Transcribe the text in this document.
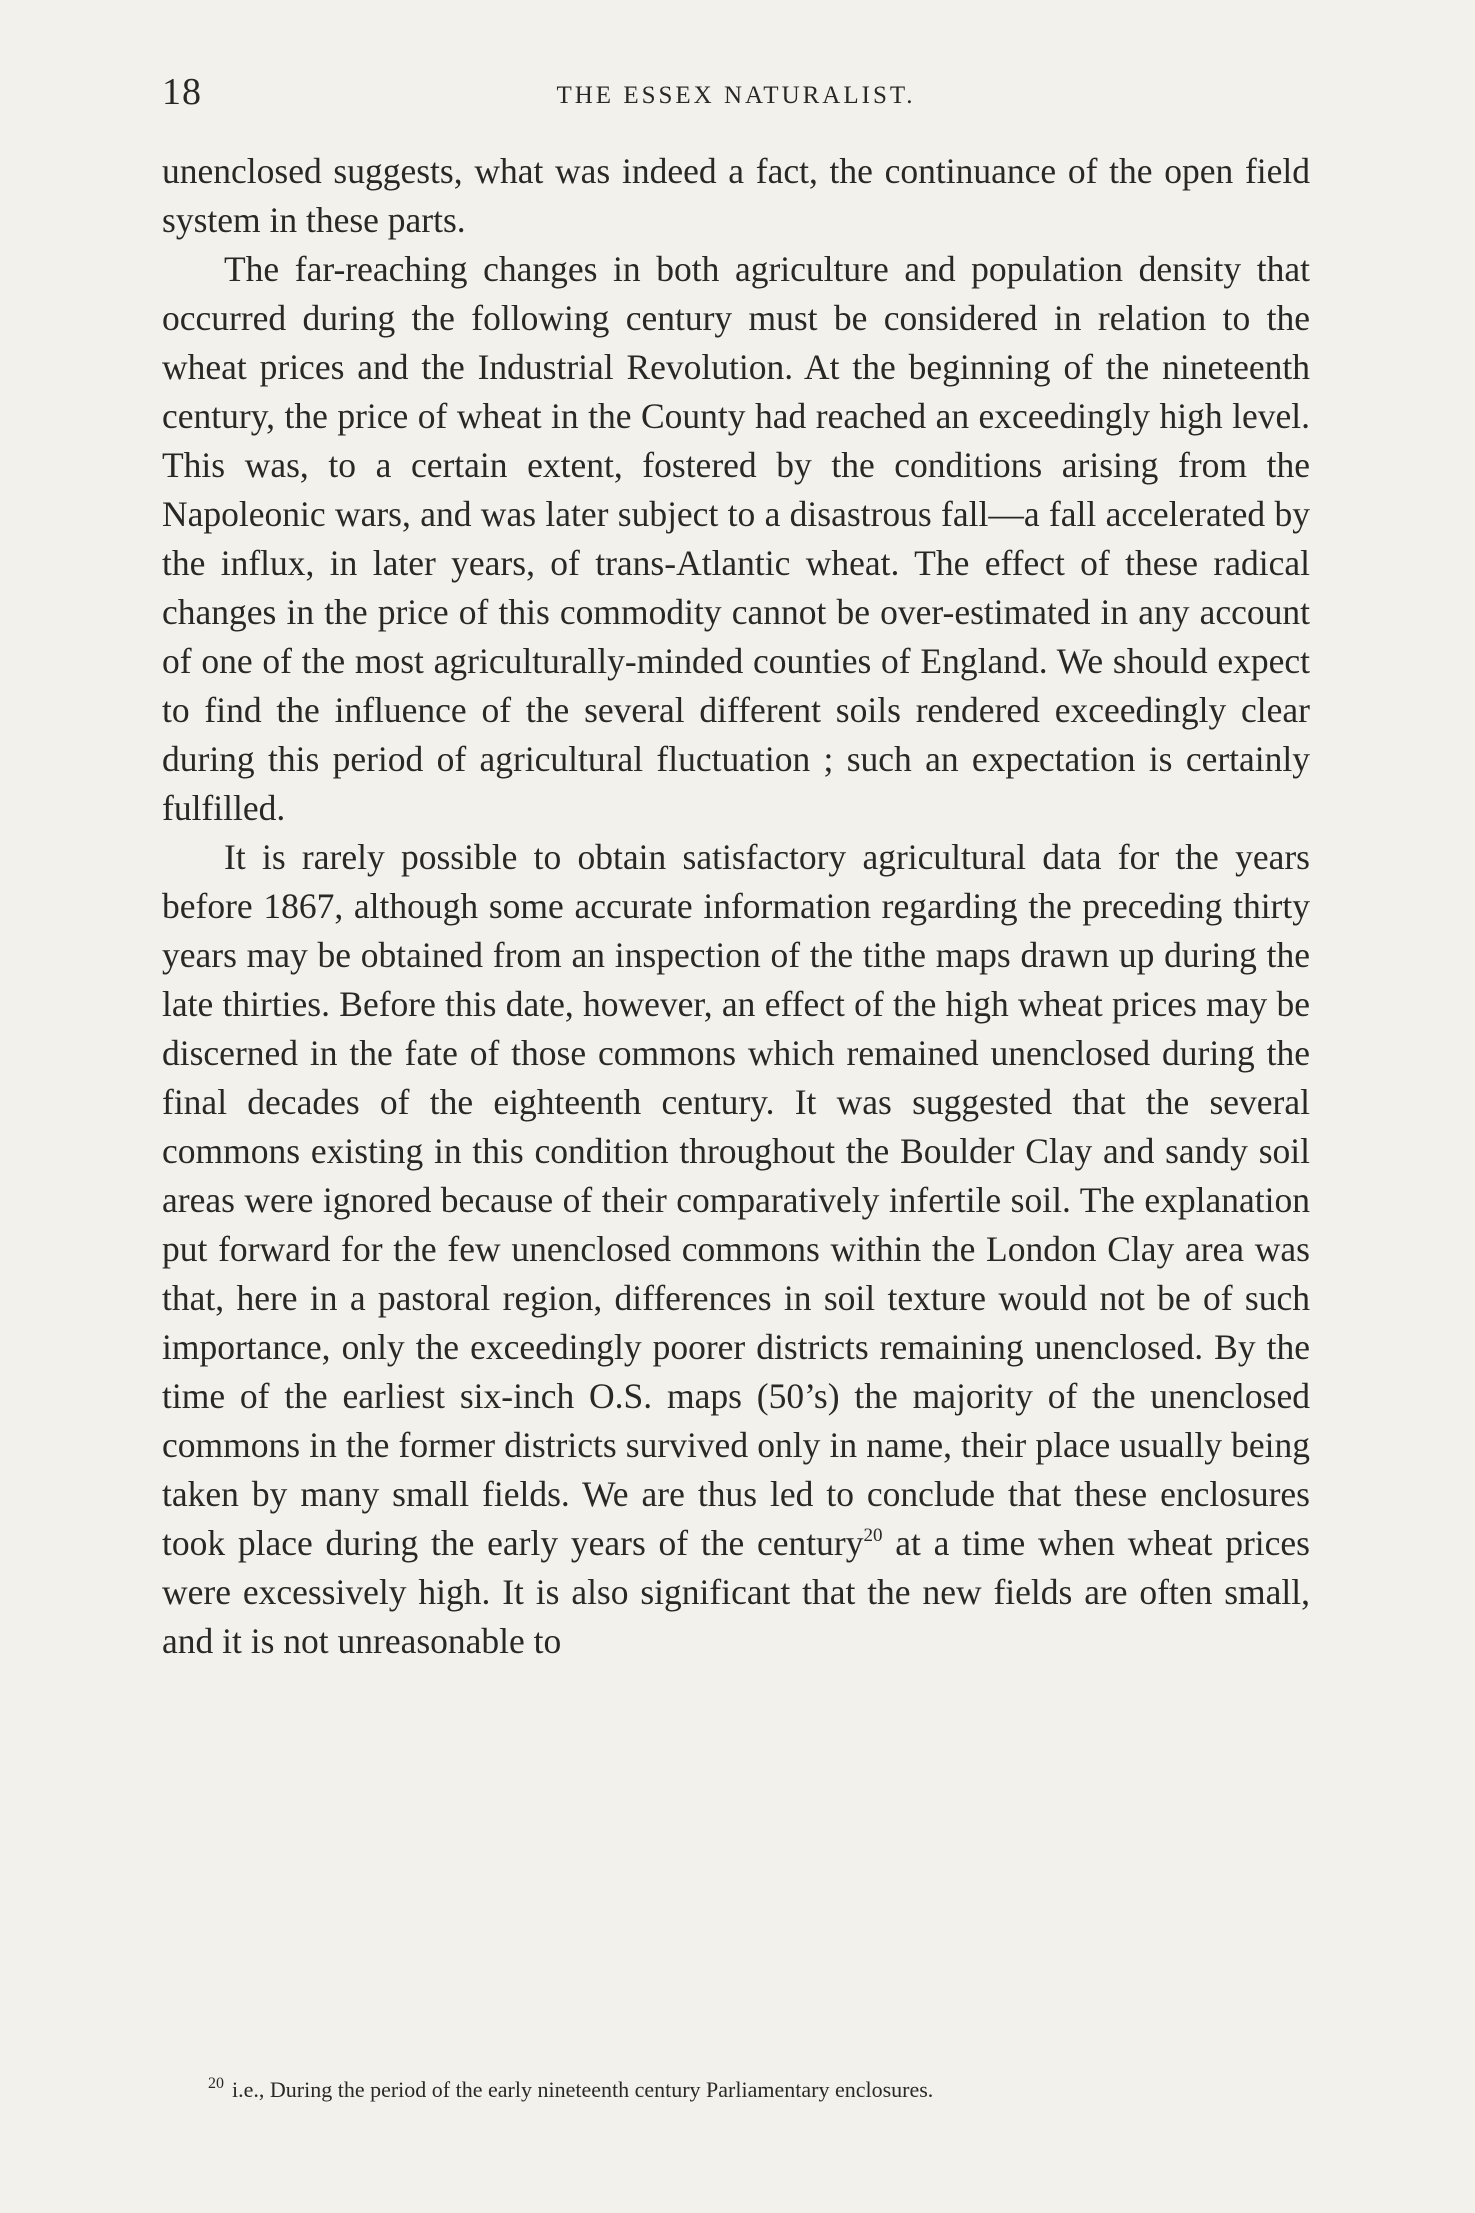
18	THE ESSEX NATURALIST.

unenclosed suggests, what was indeed a fact, the continuance of the open field system in these parts.

The far-reaching changes in both agriculture and population density that occurred during the following century must be considered in relation to the wheat prices and the Industrial Revolution. At the beginning of the nineteenth century, the price of wheat in the County had reached an exceedingly high level. This was, to a certain extent, fostered by the conditions arising from the Napoleonic wars, and was later subject to a disastrous fall—a fall accelerated by the influx, in later years, of trans-Atlantic wheat. The effect of these radical changes in the price of this commodity cannot be over-estimated in any account of one of the most agriculturally-minded counties of England. We should expect to find the influence of the several different soils rendered exceedingly clear during this period of agricultural fluctuation ; such an expectation is certainly fulfilled.

It is rarely possible to obtain satisfactory agricultural data for the years before 1867, although some accurate information regarding the preceding thirty years may be obtained from an inspection of the tithe maps drawn up during the late thirties. Before this date, however, an effect of the high wheat prices may be discerned in the fate of those commons which remained unenclosed during the final decades of the eighteenth century. It was suggested that the several commons existing in this condition throughout the Boulder Clay and sandy soil areas were ignored because of their comparatively infertile soil. The explanation put forward for the few unenclosed commons within the London Clay area was that, here in a pastoral region, differences in soil texture would not be of such importance, only the exceedingly poorer districts remaining unenclosed. By the time of the earliest six-inch O.S. maps (50’s) the majority of the unenclosed commons in the former districts survived only in name, their place usually being taken by many small fields. We are thus led to conclude that these enclosures took place during the early years of the century$^{20}$ at a time when wheat prices were excessively high. It is also significant that the new fields are often small, and it is not unreasonable to

$^{20}$ i.e., During the period of the early nineteenth century Parliamentary enclosures.
